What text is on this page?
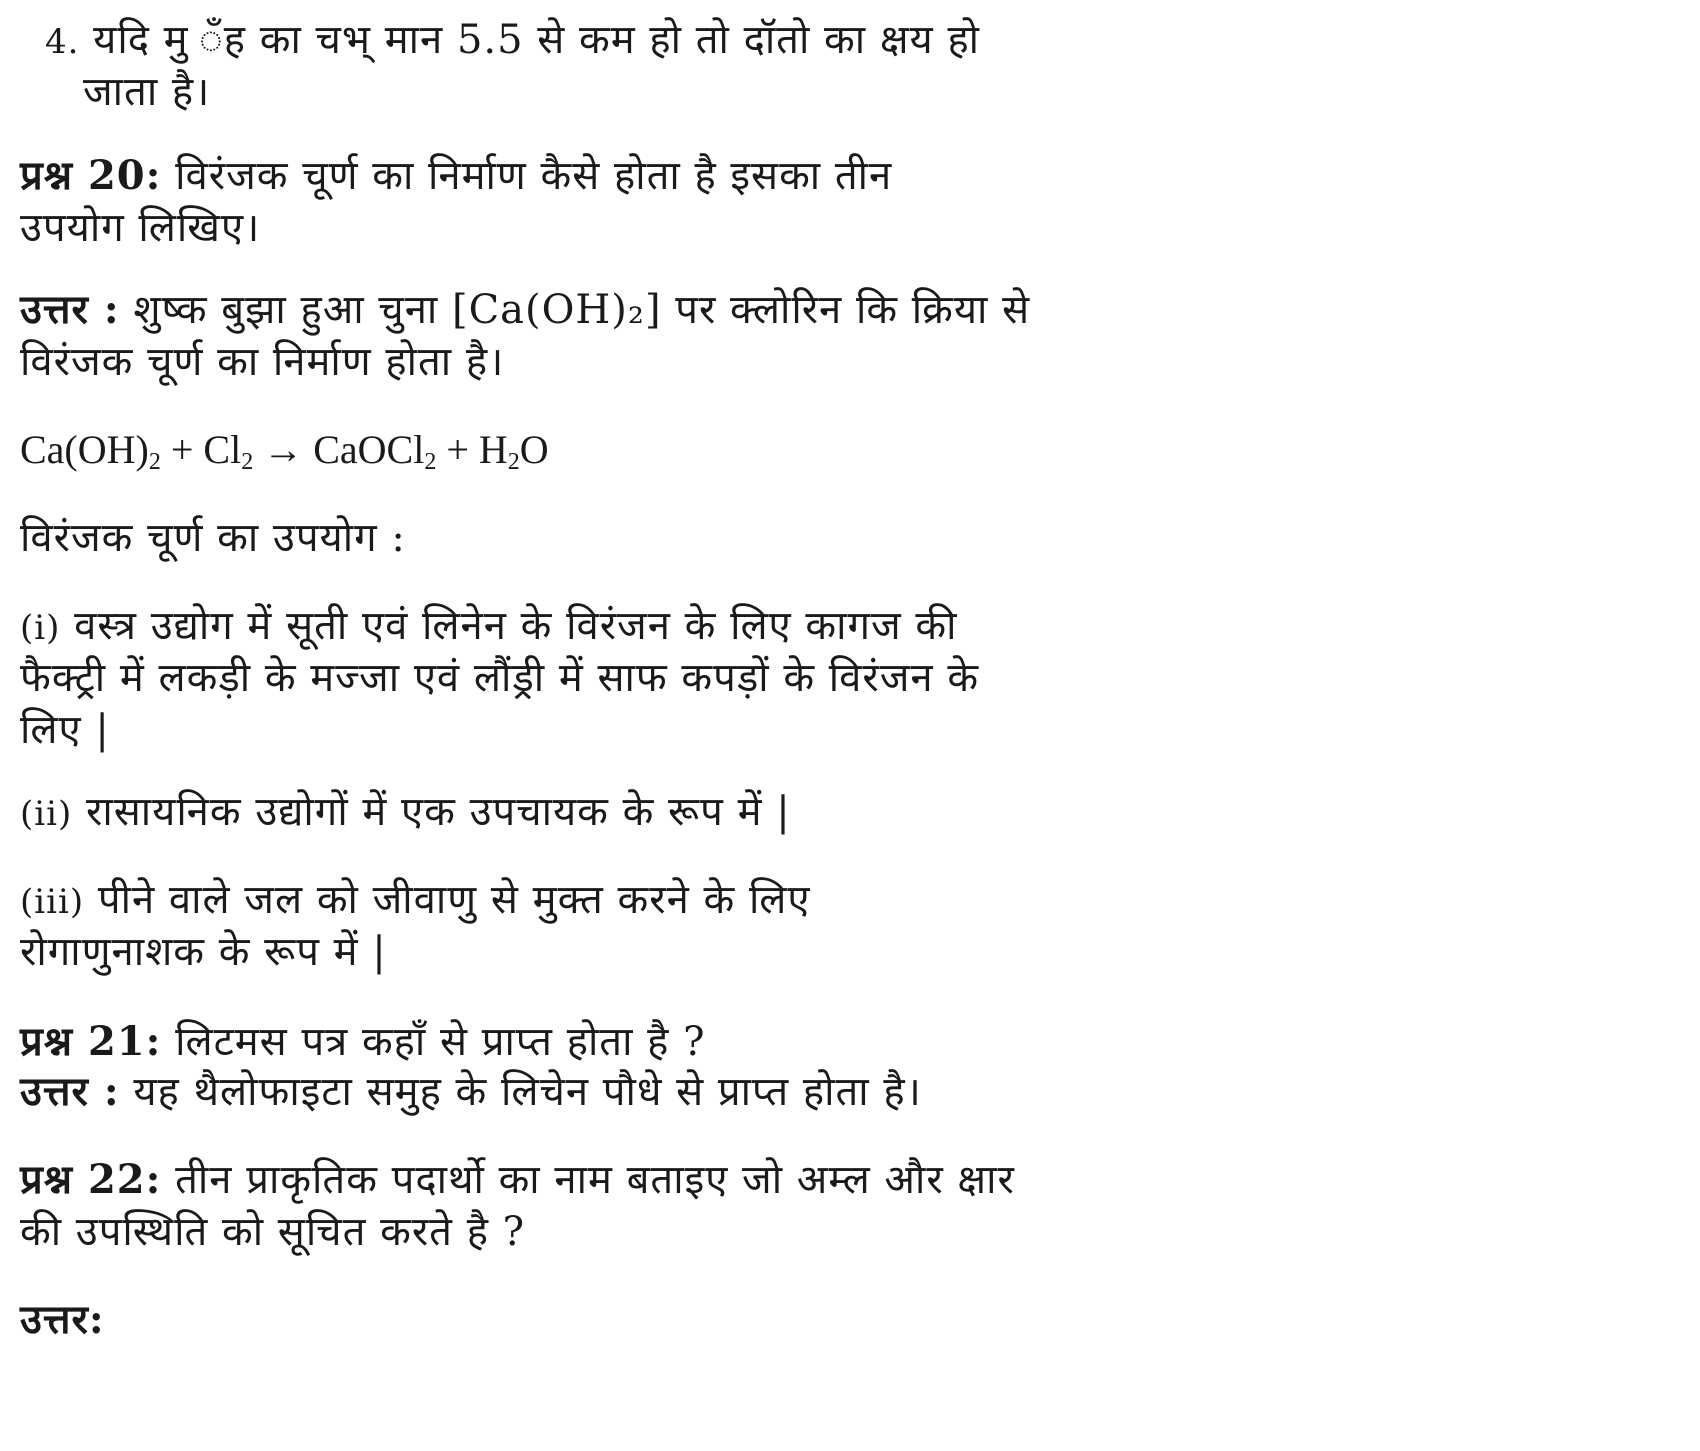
4. यदि मु ँह का चभ् मान 5.5 से कम हो तो दॉतो का क्षय हो
जाता है।
प्रश्न 20: विरंजक चूर्ण का निर्माण कैसे होता है इसका तीन
उपयोग लिखिए।
उत्तर : शुष्क बुझा हुआ चुना [Ca(OH)₂] पर क्लोरिन कि क्रिया से
विरंजक चूर्ण का निर्माण होता है।
$Ca(OH)_2 + Cl_2$ → CaOCl$_2$ + $H_2O$
विरंजक चूर्ण का उपयोग :
(i) वस्त्र उद्योग में सूती एवं लिनेन के विरंजन के लिए कागज की
फैक्ट्री में लकड़ी के मज्जा एवं लौंड्री में साफ कपड़ों के विरंजन के
लिए |
(ii) रासायनिक उद्योगों में एक उपचायक के रूप में |
(iii) पीने वाले जल को जीवाणु से मुक्त करने के लिए
रोगाणुनाशक के रूप में |
प्रश्न 21: लिटमस पत्र कहाँ से प्राप्त होता है ?
उत्तर : यह थैलोफाइटा समुह के लिचेन पौधे से प्राप्त होता है।
प्रश्न 22: तीन प्राकृतिक पदार्थो का नाम बताइए जो अम्ल और क्षार
की उपस्थिति को सूचित करते है ?
उत्तर:
